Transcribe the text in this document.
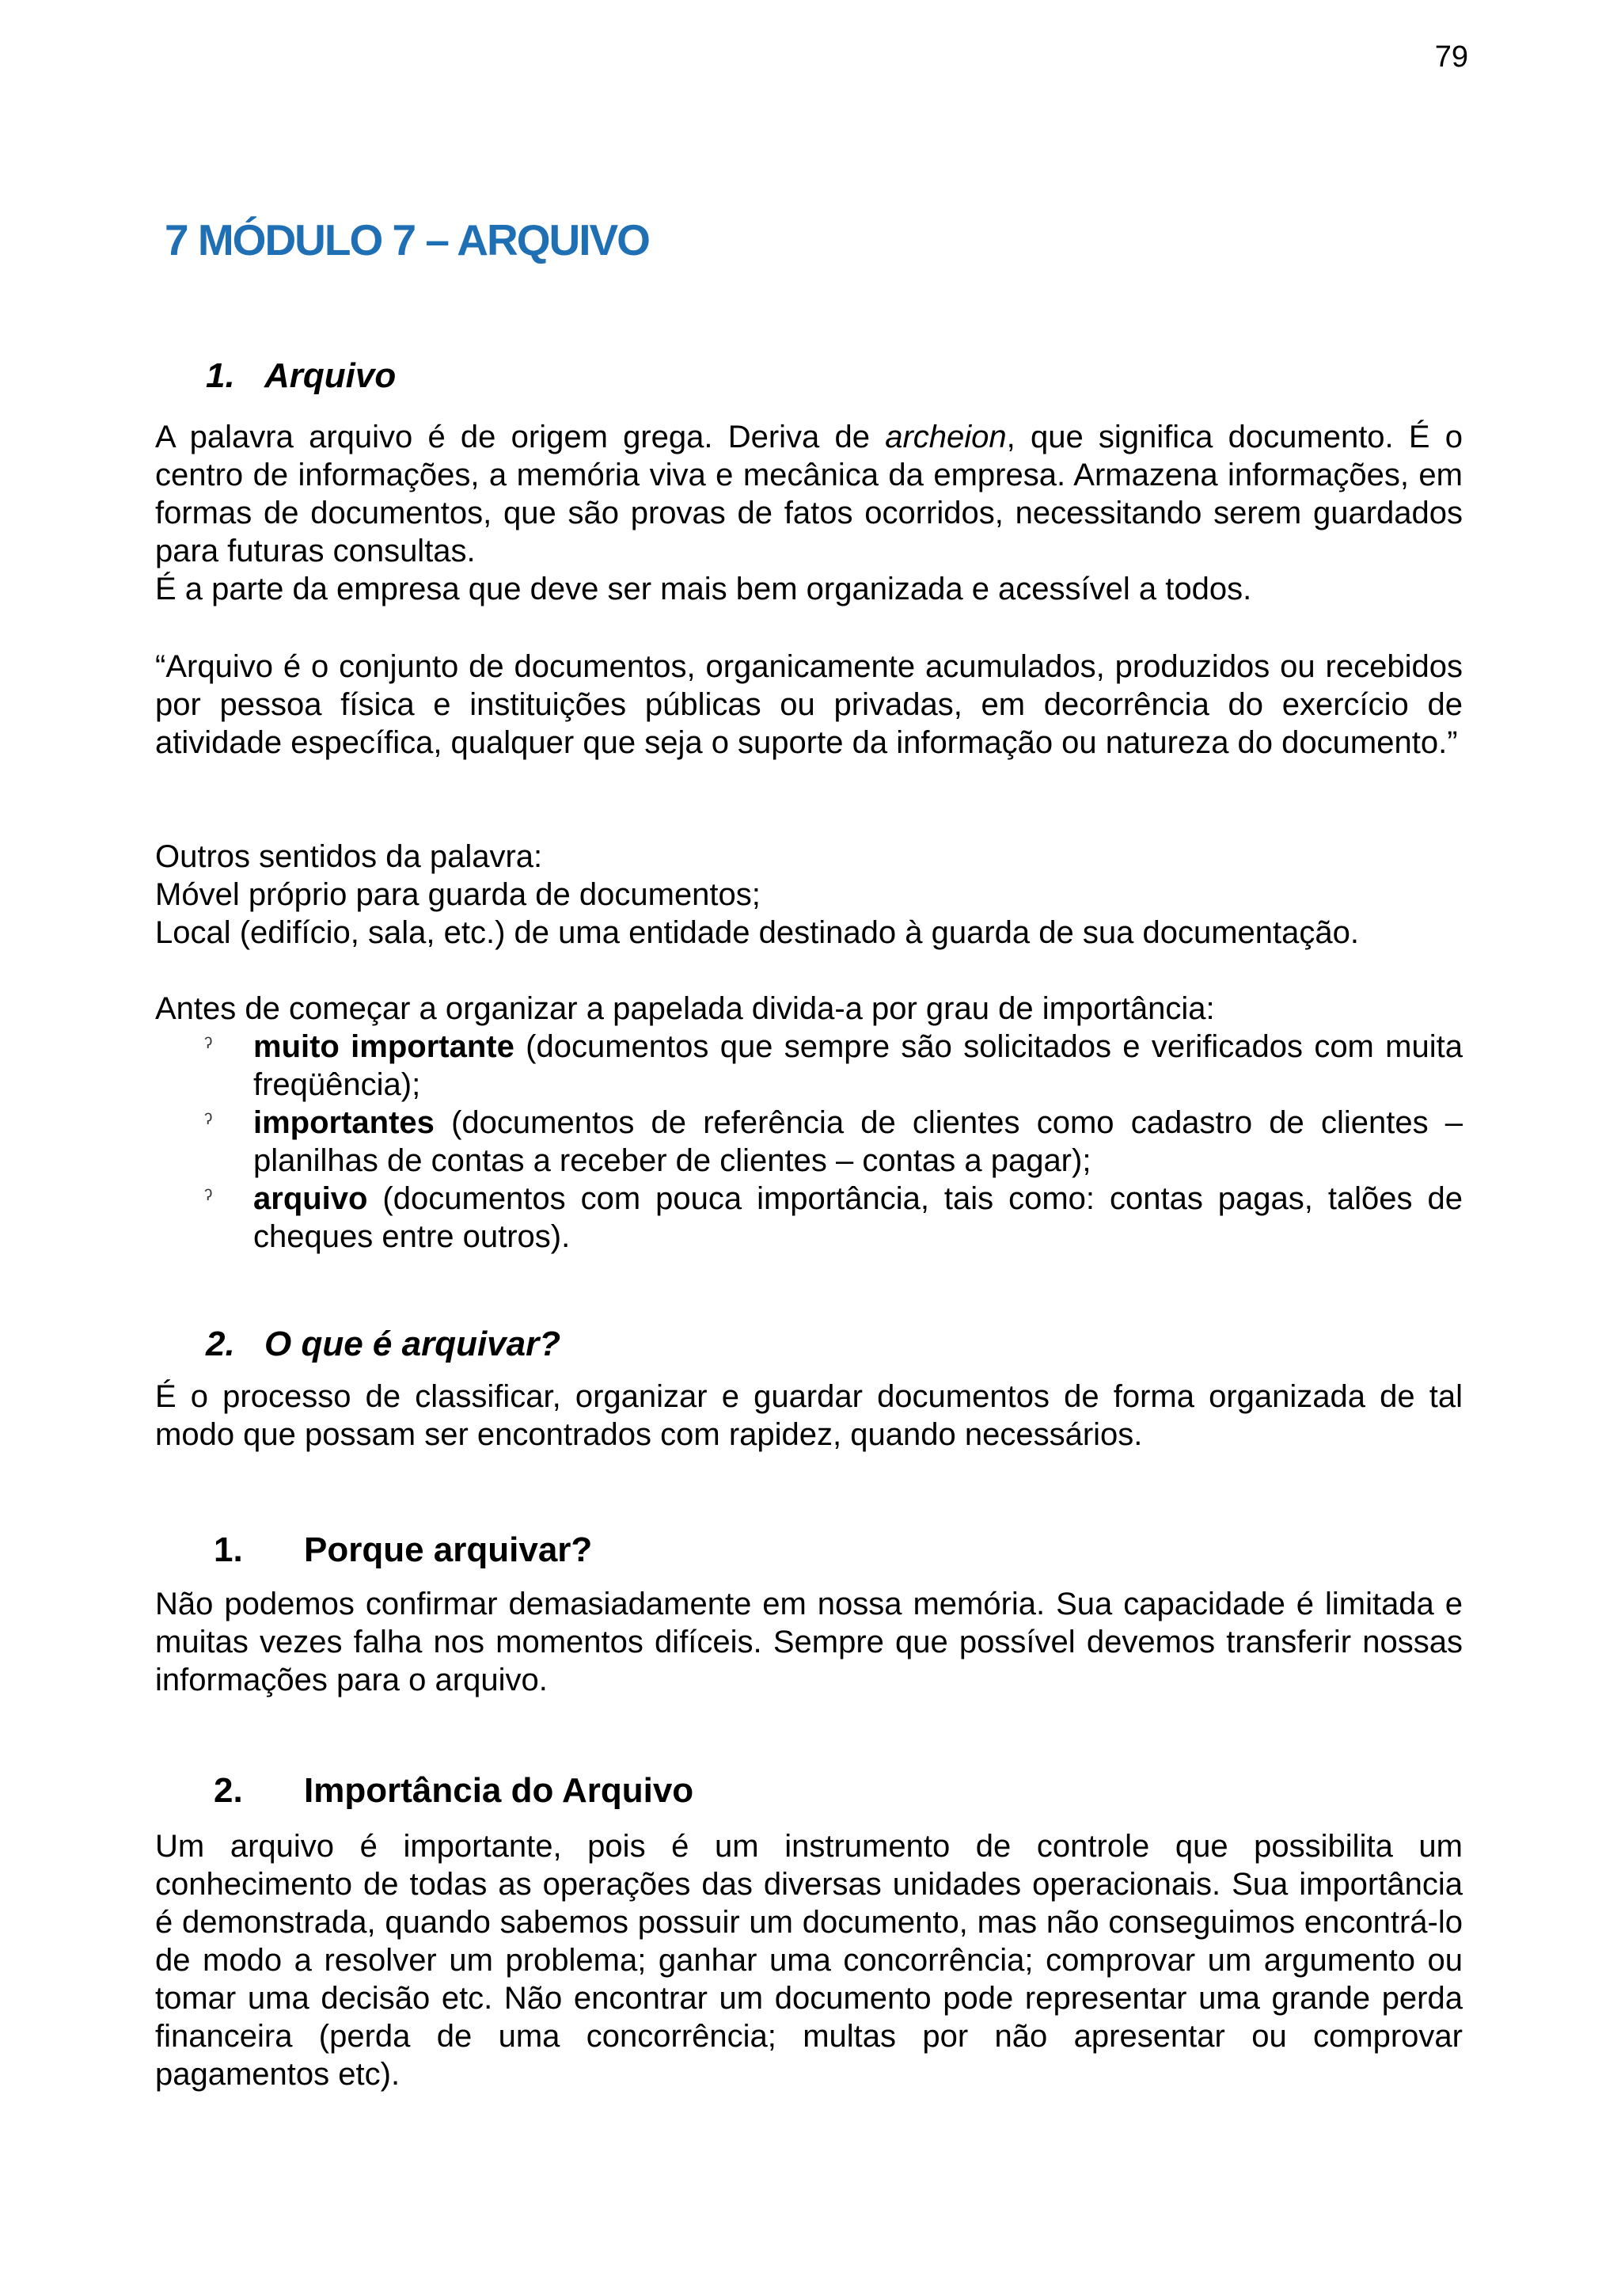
79
7 MÓDULO 7 – ARQUIVO
1. Arquivo

A palavra arquivo é de origem grega. Deriva de archeion, que significa documento. É o centro de informações, a memória viva e mecânica da empresa. Armazena informações, em formas de documentos, que são provas de fatos ocorridos, necessitando serem guardados para futuras consultas.

É a parte da empresa que deve ser mais bem organizada e acessível a todos.

“Arquivo é o conjunto de documentos, organicamente acumulados, produzidos ou recebidos por pessoa física e instituições públicas ou privadas, em decorrência do exercício de atividade específica, qualquer que seja o suporte da informação ou natureza do documento.”

Outros sentidos da palavra:

Móvel próprio para guarda de documentos;

Local (edifício, sala, etc.) de uma entidade destinado à guarda de sua documentação.

Antes de começar a organizar a papelada divida-a por grau de importância:

ˀ muito importante (documentos que sempre são solicitados e verificados com muita freqüência);
ˀ importantes (documentos de referência de clientes como cadastro de clientes – planilhas de contas a receber de clientes – contas a pagar);
ˀ arquivo (documentos com pouca importância, tais como: contas pagas, talões de cheques entre outros).
2. O que é arquivar?

É o processo de classificar, organizar e guardar documentos de forma organizada de tal modo que possam ser encontrados com rapidez, quando necessários.

1. Porque arquivar?

Não podemos confirmar demasiadamente em nossa memória. Sua capacidade é limitada e muitas vezes falha nos momentos difíceis. Sempre que possível devemos transferir nossas informações para o arquivo.

2. Importância do Arquivo

Um arquivo é importante, pois é um instrumento de controle que possibilita um conhecimento de todas as operações das diversas unidades operacionais. Sua importância é demonstrada, quando sabemos possuir um documento, mas não conseguimos encontrá-lo de modo a resolver um problema; ganhar uma concorrência; comprovar um argumento ou tomar uma decisão etc. Não encontrar um documento pode representar uma grande perda financeira (perda de uma concorrência; multas por não apresentar ou comprovar pagamentos etc).
